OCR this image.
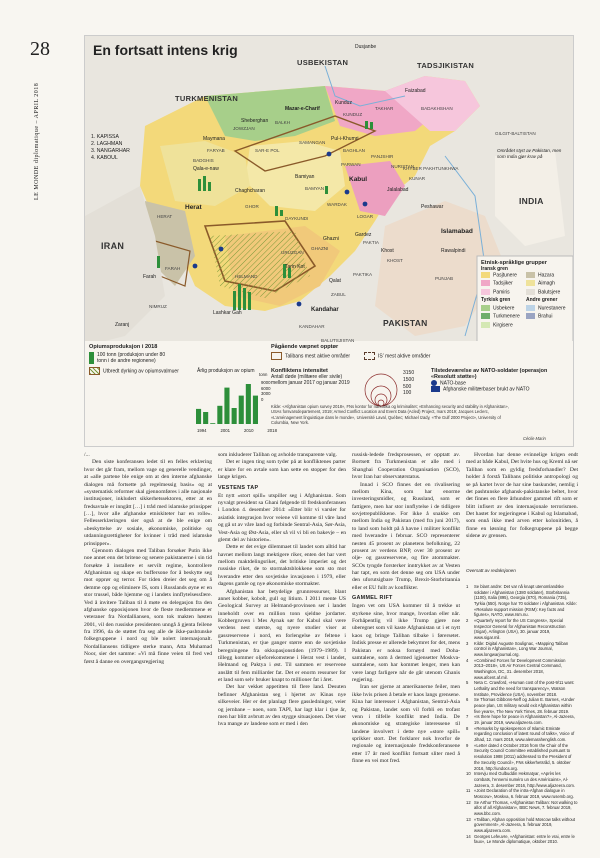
28
LE MONDE diplomatique – APRIL 2018
En fortsatt intens krig
USBEKISTAN	TADSJIKISTAN
TURKMENISTAN
IRAN
PAKISTAN
INDIA
1. KAPISSA
2. LAGHMAN
3. NANGARHAR
4. KABOUL
Dusjanbe
Herat
Kabul
Islamabad
Kandahar
Mazar-e-Charif
Kunduz
Jalalabad
Peshawar
Rawalpindi
Lashkar Gah
Farah
Ghazni
Khost
Gardez
Bamiyan
Qala-e-naw
Chaghcharan
Tarin Kot
Qalat
Faizabad
Pul-i-Khumri
Zaranj
Sheberghan
Maymana
JOWZJAN
BALKH
KUNDUZ
TAKHAR	BADAKHSHAN
FARYAB	SAR-E POL
SAMANGAN
BAGHLAN
BADGHIS
HERAT
GHOR
BAMYAN
PARWAN
PANJSHIR
NURISTAN
KUNAR
FARAH
DAYKUNDI
WARDAK
LOGAR
PAKTIA
KHOST
GHAZNI
URUZGAN
NIMRUZ
HELMAND
KANDAHAR
ZABUL
PAKTIKA
GILGIT-BALTISTAN
KHYBER PAKHTUNKHWA
PUNJAB
BALUTSJISTAN
Området styrt av Pakistan, men som India gjør krav på
Etnisk-språklige grupper
Iransk gren
Pasjtunere	Hazara
Tadsjiker	Aimagh
Pamiris	Balutsjere
Tyrkisk gren	Andre grener
Usbekere	Nurestanere
Turkmenere	Brahui
Kirgisere
Pågående væpnet opptør
Talibans mest aktive områder	IS’ mest aktive områder
Konfliktens intensitet
Antall døde (militære eller sivile) mellom januar 2017 og januar 2019
3150
1500
500
100
Tilstedeværelse av NATO-soldater (operasjon «Resolutt støtte»)
NATO-base
Afghanske militærbaser brukt av NATO
Opiumsproduksjon i 2018
100 tonn (produksjon under 80 tonn i de andre regionene)
Utbredt dyrking av opiumsvalmuer	Årlig produksjon av opium
9000
6000
3000
0
tonn
1994	2001	2010	2018
Kilde: «Afghanistan opium survey 2018», FNs kontor for narkotika og kriminalitet; «Enhancing security and stability in Afghanistan», USAs forsvarsdepartement, 2019; Armed Conflict Location and Event Data (Acled) Project, mars 2019; Jacques Leclerc, «L’aménagement linguistique dans le monde», Université Laval, Québec; Michael Izady, «The Gulf 2000 Project», University of Columbia, New York.
Cécile Marin

/...

Den siste konferansen ledet til en felles erklæring hvor det går fram, mellom vage og generelle vendinger, at «alle partene ble enige om at den interne afghanske dialogen må fortsette på regelmessig basis» og at «systematisk reformer skal gjennomføres i alle nasjonale institusjoner, inkludert sikkerhetssektoren, etter at en fredsavtale er inngått […] i tråd med islamske prinsipper […], hvor alle afghanske etniskiteter har en rolle». Fellesserklæringen sier også at de ble enige om «beskyttelse av sosiale, økonomiske, politiske og utdanningsrettigheter for kvinner i tråd med islamske prinsipper».

Gjennom dialogen med Taliban forsøker Putin ikke noe annet enn det britene og senere pakistanerne i sin tid forsøkte å installere et servilt regime, kontrollere Afghanistan og skape en buffersone for å beskytte seg mot opprør og terror. For tiden dreier det seg om å demme opp og eliminere IS, som i Russlands øyne er en stor trussel, både hjemme og i landets innflytelsessfære. Ved å invitere Taliban til å møte en delegasjon fra den afghanske opposisjonen hvor de fleste medlemmene er veteraner fra Nordalliansen, som tok makten høsten 2001, vil den russiske presidenten unngå å gjenta feilene fra 1996, da de støttet fra seg alle de ikke-pashtunske folkegruppene i nord og ble nolert internasjonalt. Nordalliansens tidligere sterke mann, Atta Muhamad Noor, sier det samme: «Vi må finne veien til fred ved først å danne en overgangsregjering

som inkluderer Taliban og avholde transparente valg.

Det er ingen ting som tyder på at konfliktenes parter er klare for en avtale som kan sette en stopper for den lange krigen.

VESTENS TAP

Et nytt «stort spill» utspiller seg i Afghanistan. Som nyvalgt president sa Ghani følgende til fredskonferansen i London 4. desember 2014: «Etter blir vi varsler for asiatisk integrasjon hvor veiene vil komme til våre land og gå ut av våre land og forbinde Sentral-Asia, Sør-Asia, Vest-Asia og Øst-Asia, eller så vil vi bli en bakevje – en glemt del av historien».

Dette er det evige dilemmaet til landet som alltid har havnet mellom langt mektigere riker, enten det har vært mellom maktdelingsriket, det britiske imperiet og det russiske riket, de to stormaktsblokkene som sto mot hverandre etter den sovjetiske invasjonen i 1979, eller dagens gamle og nye økonomiske stormakter.

Afghanistan har betydelige grunnressurser, blant annet kobber, kobolt, gull og litium. I 2011 mente US Geological Survey at Helmand-provinsen ser i landet inneholdt over en million tonn sjeldne jordarter. Kobbergruven i Mes Aynak sør for Kabul skal være verdens nest største, og nyere studier viser at gassreservene i nord, en forlengelse av feltene i Turkmenistan, er tjue ganger større enn de sovjetiske beregningene fra okkupasjonstiden (1979–1989). I tillegg kommer oljeforekomstene i Herat vest i landet, Helmand og Paktya i øst. Til sammen er reservene anslått til fem milliarder fat. Det er enorm ressurser for et land som selv bruker knapt to millioner fat i året.

Det har vekket appetitten til flere land. Desuten befinner Afghanistan seg i hjertet av Kinas nye silkeveier. Her er det planlagt flere gassledninger, veier og jernbane – noen, som TAPI, har lagt klar i tjue år, men har blitt avbrutt av den stygge situasjonen. Det viser hva mange av landene som er med i den

russisk-ledede fredsprosessen, er opptatt av. Bortsett fra Turkmenistan er alle med i Shanghai Cooperation Organisation (SCO), hvor Iran har observatørstatus.

Innad i SCO finnes det en rivalisering mellom Kina, som har enorme investeringsmidler, og Russland, som er fattigere, men har stor innflytelse i de tidligere sovjetrepublikkene. For ikke å snakke om mellom India og Pakistan (med fra juni 2017), to land som holdt på å havne i militær konflikt med hverandre i februar. SCO representerer nesten 45 prosent av planetens befolkning, 22 prosent av verdens BNP, over 30 prosent av olje- og gassreservene, og fire atommakter. SCOs tyngde forsterker inntrykket av at Vesten har tapt, en som det denne seg om USA under den uforutsigbare Trump, Brexit-Storbritannia eller et EU fullt av konflikter.

GAMMEL RIFT

Ingen vet om USA kommer til å trekke ut styrkene sine, hvor mange, hvordan eller når. Forhåpentlig vil ikke Trump gjøre noe uberegnet som vil kaste Afghanistan ut i et nytt kaos og bringe Taliban tilbake i førersetet. Indisk presse er allerede bekymret for det, mens Pakistan er noksa fornøyd med Doha-samtalene, som å dermed igjensetter Moskva-samtalene, som har kommet lenger, men kan være langt farligere når de går utenom Ghanis regjering.

Iran ser gjerne at amerikanerne feiler, men ikke hvis prisen å betale er kaos langs grensene. Kina har interesser i Afghanistan, Sentral-Asia og Pakistan, landet som vil forbli en trofast venn i tilfelle konflikt med India. De økonomiske og strategiske interessene til landene involvert i dette nye «store spill» sprikker stort. Det forklarer nok hvorfor de regionale og internasjonale fredskonferansene etter 17 år med konflikt fortsatt sliter med å finne en vei mot fred.

Hvordan har denne evinnelige krigen endt med at både Kabul, Det hvite hus og Kreml nå ser Taliban som en gyldig fredsforhandler? Det holder å forstå Talibans politiske antropologi og se på kartet hvor de har sine baskunder, nemlig i det pashtunske afghansk-pakistanske beltet, hvor det finnes en flere århundrer gammel rift som er blitt infisert av den internasjonale terrorismen. Det hastet for regjeringene i Kabul og Islamabad, som ennå ikke med arven etter kolonitiden, å finne en løsning for folkegruppene på begge sidene av grensen.

Oversatt av redaksjonen
1	Se blant andre: Det var nå knapt utenomlandske soldater i Afghanistan (1380 soldater), Storbritannia (1100), Italia (895), Georgia (870), Romania (735), Tyrkia (550). Norge har 70 soldater i Afghanistan. Kilde: «Resolute support mission (RSM): Key facts and figures», NATO, www.rsm.nu.
2	«Quarterly report for the US Congress», Special Inspector General for Afghanistan Reconstruction (Sigar), Arlington (USA), 30. januar 2019, www.sigar.mil.
3	Kilde: Digital Auguste Soulignac, «Mapping Taliban control in Afghanistan», Long War Journal, www.longwarjournal.org.
4	«Combined Forces for Development Commission 2013–2018», US Air Forces Central Command, Washington, DC, 31. desember 2018, www.afcent.af.mil.
5	Neta C. Crawford, «Human cost of the post-9/11 wars: Lethality and the need for transparency», Watson Institute, Providence (USA), november 2018.
6	Se Thomas Gibbons-Neff og Julian E. Barnes, «Under peace plan, US military would exit Afghanistan within five years», The New York Times, 28. februar 2019.
7	«Is there hope for peace in Afghanistan?», Al-Jazeera, 19. januar 2019, www.aljazeera.com.
8	«Remarks by spokesperson of Islamic Emirate regarding conclusion of latest round of talks», Voice of Jihad, 12. mars 2019, www.alemarahenglish.com.
9	«Letter dated 4 October 2016 from the Chair of the Security Council Committee established pursuant to resolution 1988 (2011) addressed to the President of the Security Council», FNs sikkerhetsråd, 5. oktober 2016, http://undocs.org.
10 Intervju med Gulbuddin Hekmatyar, «Après les combats, l’ennemi numéro un des Américains», Al-Jazeera, 3. desember 2016, http://www.aljazeera.com.
11 «Joint Declaration of the intra-Afghan dialogue in Moscow», Moskva, 6. februar 2019, www.rusemb.org.
12 Se Arthur Thomas, «Afghanistan Taliban: Not walking to allot of all Afghanistan», BBC News, 7. februar 2019, www.bbc.com.
13 «Taliban, Afghan opposition hold Moscow talks without government», Al-Jazeera, 5. februar 2019, www.aljazeera.com.
14 Georges Lefeuvre, «Afghanistan: entre le vrai, entre le faux», Le Monde diplomatique, oktober 2010.
